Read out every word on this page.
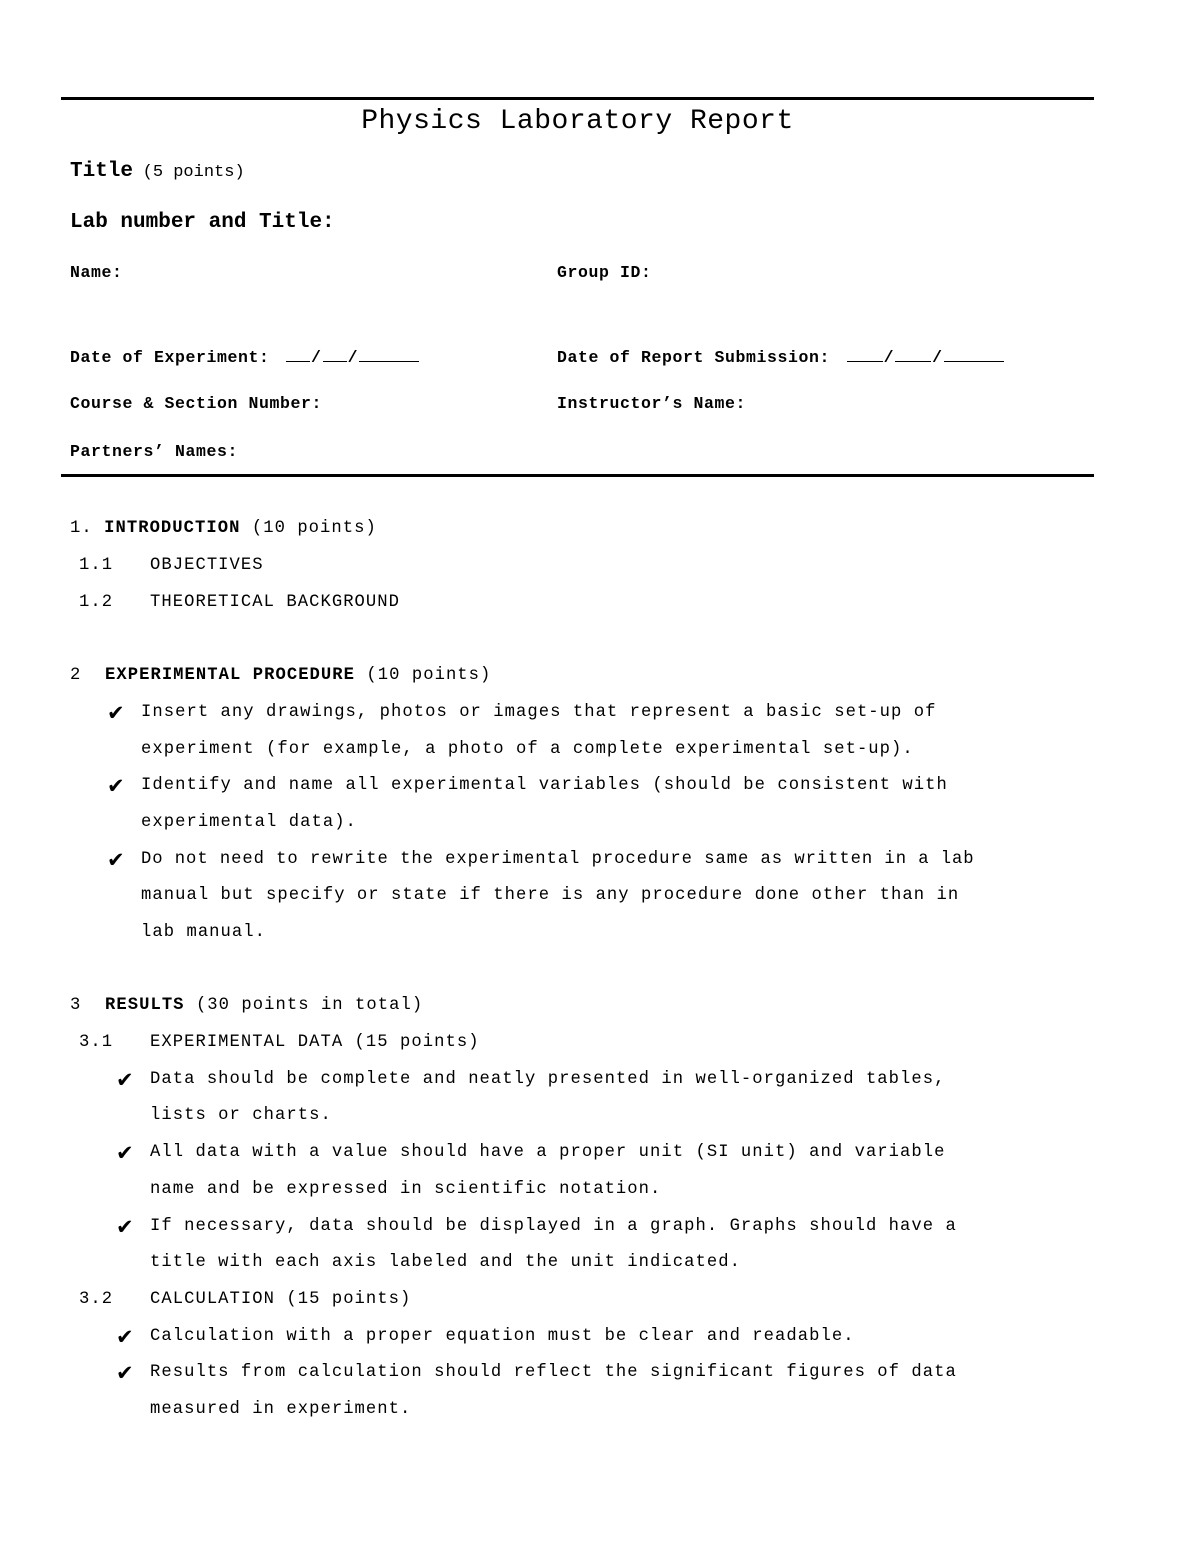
Physics Laboratory Report
Title (5 points)
Lab number and Title:
Name:	Group ID:
Date of Experiment:	/ /	Date of Report Submission:	/ /
Course & Section Number:	Instructor’s Name:
Partners’ Names:
1. INTRODUCTION (10 points)
1.1 OBJECTIVES
1.2 THEORETICAL BACKGROUND
2 EXPERIMENTAL PROCEDURE (10 points)
✔ Insert any drawings, photos or images that represent a basic set-up of
experiment (for example, a photo of a complete experimental set-up).
✔ Identify and name all experimental variables (should be consistent with
experimental data).
✔ Do not need to rewrite the experimental procedure same as written in a lab
manual but specify or state if there is any procedure done other than in
lab manual.
3 RESULTS (30 points in total)
3.1 EXPERIMENTAL DATA (15 points)
✔ Data should be complete and neatly presented in well-organized tables,
lists or charts.
✔ All data with a value should have a proper unit (SI unit) and variable
name and be expressed in scientific notation.
✔ If necessary, data should be displayed in a graph. Graphs should have a
title with each axis labeled and the unit indicated.
3.2 CALCULATION (15 points)
✔ Calculation with a proper equation must be clear and readable.
✔ Results from calculation should reflect the significant figures of data
measured in experiment.
